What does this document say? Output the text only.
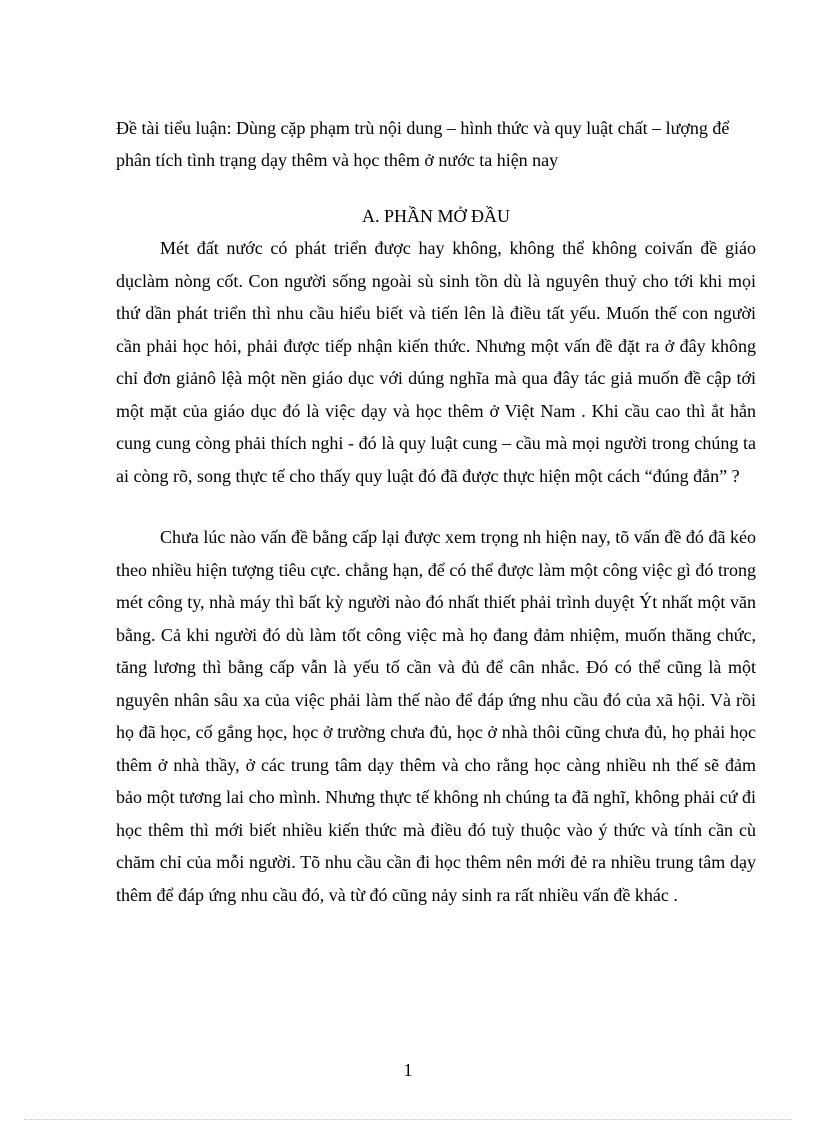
Đề tài tiểu luận: Dùng cặp phạm trù nội dung – hình thức và quy luật chất – lượng để phân tích tình trạng dạy thêm và học thêm ở nước ta hiện nay
A. PHẦN MỞ ĐẦU

Mét đất nước có phát triển được hay không, không thể không coivấn đề giáo dụclàm nòng cốt. Con người sống ngoài sù sinh tồn dù là nguyên thuỷ cho tới khi mọi thứ dần phát triển thì nhu cầu hiểu biết và tiến lên là điều tất yếu. Muốn thế con người cần phải học hỏi, phải được tiếp nhận kiến thức. Nhưng một vấn đề đặt ra ở đây không chỉ đơn giảnô lệà một nền giáo dục với dúng nghĩa mà qua đây tác giả muốn đề cập tới một mặt của giáo dục đó là việc dạy và học thêm ở Việt Nam . Khi cầu cao thì ắt hẳn cung cung còng phải thích nghi - đó là quy luật cung – cầu mà mọi người trong chúng ta ai còng rõ, song thực tế cho thấy quy luật đó đã được thực hiện một cách “đúng đắn” ?

Chưa lúc nào vấn đề bằng cấp lại được xem trọng nh hiện nay, tõ vấn đề đó đã kéo theo nhiều hiện tượng tiêu cực. chẳng hạn, để có thể được làm một công việc gì đó trong mét công ty, nhà máy thì bất kỳ người nào đó nhất thiết phải trình duyệt Ýt nhất một văn bằng. Cả khi người đó dù làm tốt công việc mà họ đang đảm nhiệm, muốn thăng chức, tăng lương thì bằng cấp vẫn là yếu tố cần và đủ để cân nhắc. Đó có thể cũng là một nguyên nhân sâu xa của việc phải làm thế nào để đáp ứng nhu cầu đó của xã hội. Và rồi họ đã học, cố gắng học, học ở trường chưa đủ, học ở nhà thôi cũng chưa đủ, họ phải học thêm ở nhà thầy, ở các trung tâm dạy thêm và cho rằng học càng nhiều nh thế sẽ đảm bảo một tương lai cho mình. Nhưng thực tế không nh chúng ta đã nghĩ, không phải cứ đi học thêm thì mới biết nhiều kiến thức mà điều đó tuỳ thuộc vào ý thức và tính cần cù chăm chỉ của mỗi người. Tõ nhu cầu cần đi học thêm nên mới đẻ ra nhiều trung tâm dạy thêm để đáp ứng nhu cầu đó, và từ đó cũng nảy sinh ra rất nhiều vấn đề khác .

1
